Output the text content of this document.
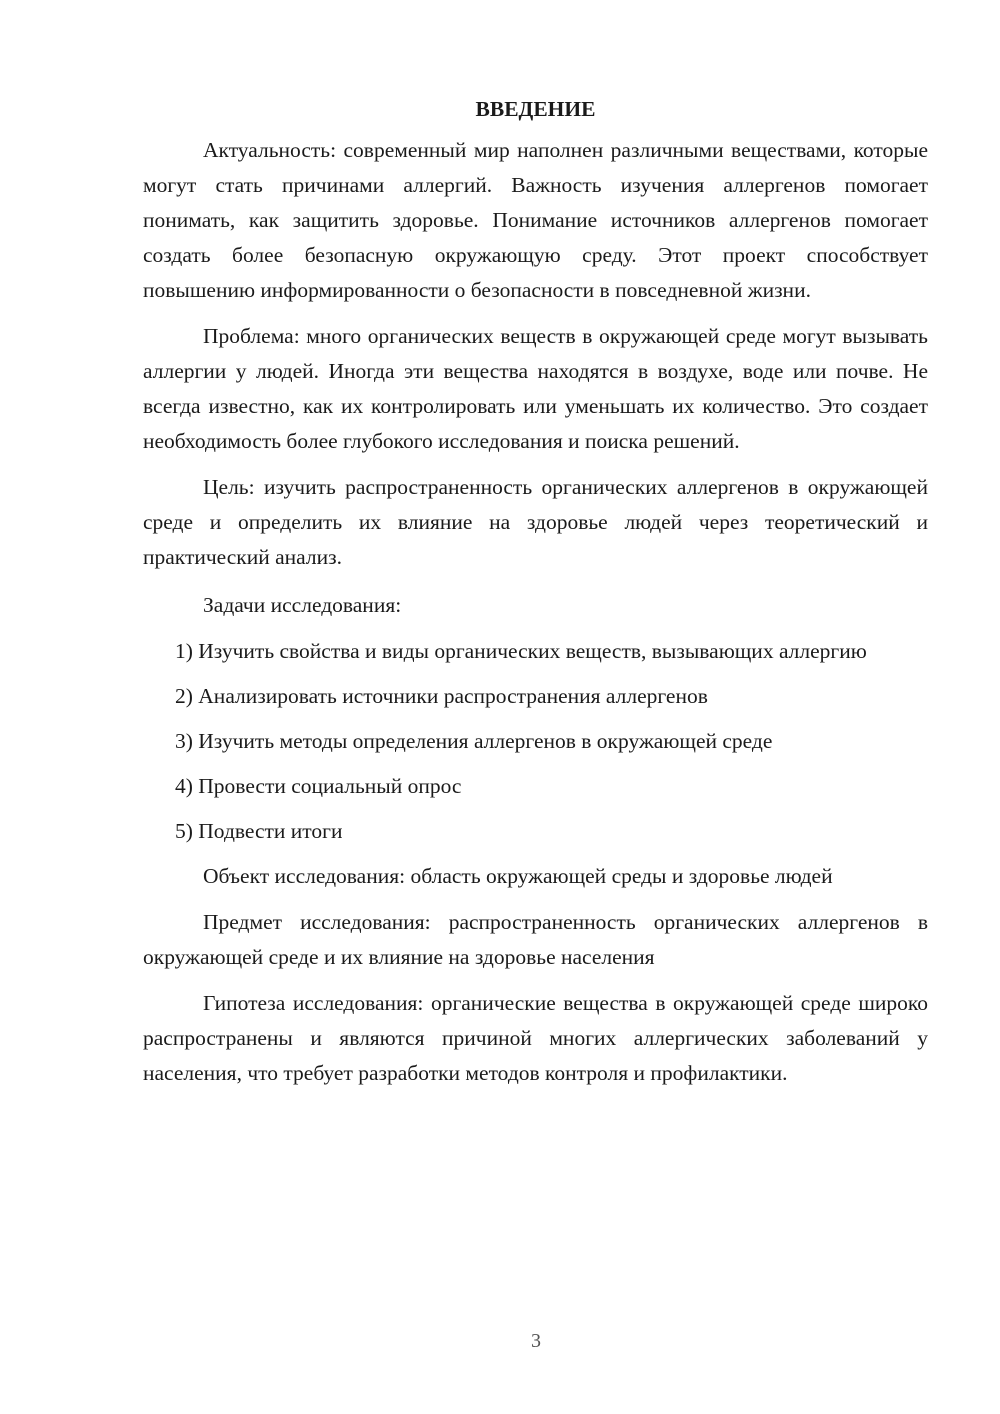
ВВЕДЕНИЕ

Актуальность: современный мир наполнен различными веществами, которые могут стать причинами аллергий. Важность изучения аллергенов помогает понимать, как защитить здоровье. Понимание источников аллергенов помогает создать более безопасную окружающую среду. Этот проект способствует повышению информированности о безопасности в повседневной жизни.

Проблема: много органических веществ в окружающей среде могут вызывать аллергии у людей. Иногда эти вещества находятся в воздухе, воде или почве. Не всегда известно, как их контролировать или уменьшать их количество. Это создает необходимость более глубокого исследования и поиска решений.

Цель: изучить распространенность органических аллергенов в окружающей среде и определить их влияние на здоровье людей через теоретический и практический анализ.

Задачи исследования:

1) Изучить свойства и виды органических веществ, вызывающих аллергию
2) Анализировать источники распространения аллергенов
3) Изучить методы определения аллергенов в окружающей среде
4) Провести социальный опрос
5) Подвести итоги

Объект исследования: область окружающей среды и здоровье людей

Предмет исследования: распространенность органических аллергенов в окружающей среде и их влияние на здоровье населения

Гипотеза исследования: органические вещества в окружающей среде широко распространены и являются причиной многих аллергических заболеваний у населения, что требует разработки методов контроля и профилактики.

3
